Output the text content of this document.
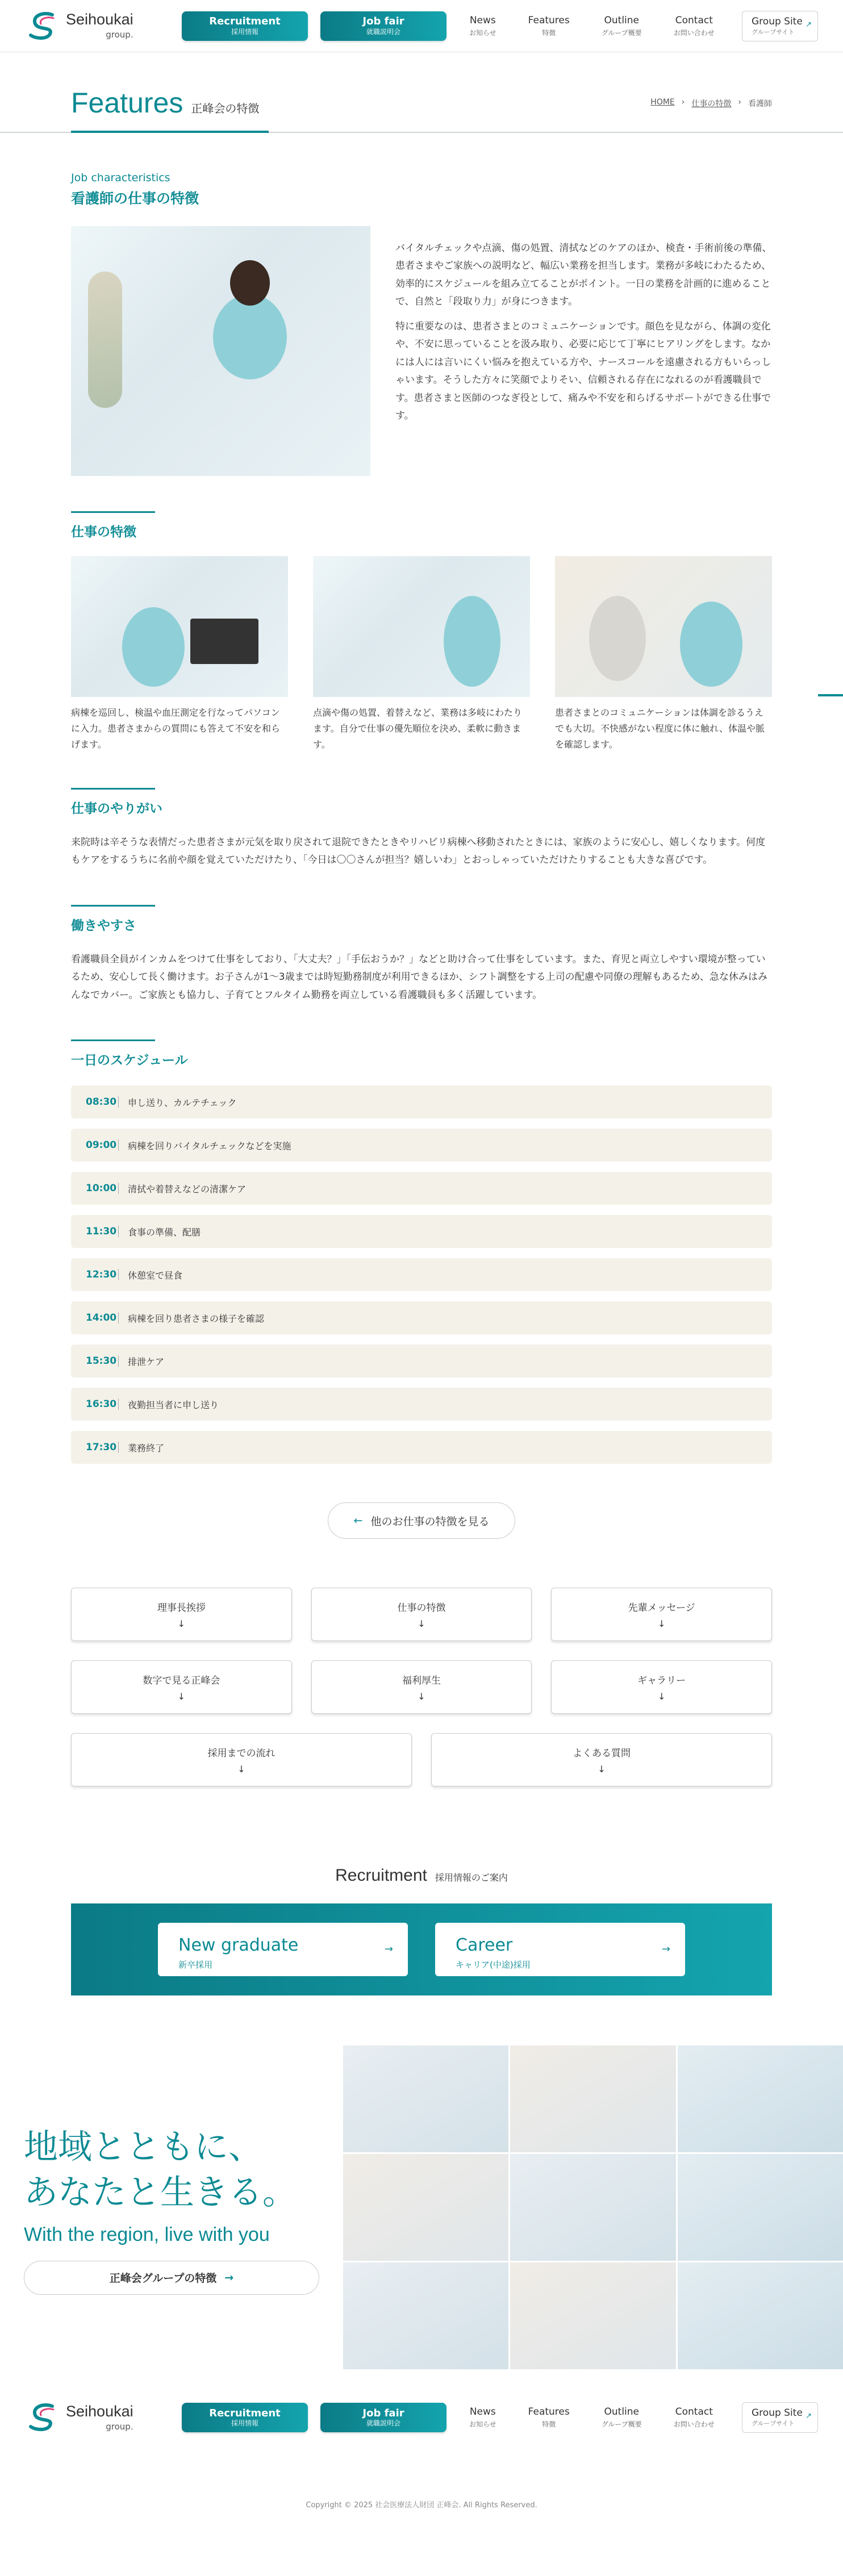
Seihoukai
group.
Recruitment
採用情報
Job fair
就職説明会
News
お知らせ
Features
特徴
Outline
グループ概要
Contact
お問い合わせ
Group Site
グループサイト
↗
Features 正峰会の特徴	HOME › 仕事の特徴 › 看護師
Job characteristics
看護師の仕事の特徴

バイタルチェックや点滴、傷の処置、清拭などのケアのほか、検査・手術前後の準備、患者さまやご家族への説明など、幅広い業務を担当します。業務が多岐にわたるため、効率的にスケジュールを組み立てることがポイント。一日の業務を計画的に進めることで、自然と「段取り力」が身につきます。

特に重要なのは、患者さまとのコミュニケーションです。顔色を見ながら、体調の変化や、不安に思っていることを汲み取り、必要に応じて丁寧にヒアリングをします。なかには人には言いにくい悩みを抱えている方や、ナースコールを遠慮される方もいらっしゃいます。そうした方々に笑顔でよりそい、信頼される存在になれるのが看護職員です。患者さまと医師のつなぎ役として、痛みや不安を和らげるサポートができる仕事です。

仕事の特徴

病棟を巡回し、検温や血圧測定を行なってパソコンに入力。患者さまからの質問にも答えて不安を和らげます。

点滴や傷の処置、着替えなど、業務は多岐にわたります。自分で仕事の優先順位を決め、柔軟に動きます。

患者さまとのコミュニケーションは体調を診るうえでも大切。不快感がない程度に体に触れ、体温や脈を確認します。

仕事のやりがい

来院時は辛そうな表情だった患者さまが元気を取り戻されて退院できたときやリハビリ病棟へ移動されたときには、家族のように安心し、嬉しくなります。何度もケアをするうちに名前や顔を覚えていただけたり、「今日は〇〇さんが担当？嬉しいわ」とおっしゃっていただけたりすることも大きな喜びです。

働きやすさ

看護職員全員がインカムをつけて仕事をしており、「大丈夫？」「手伝おうか？」などと助け合って仕事をしています。また、育児と両立しやすい環境が整っているため、安心して長く働けます。お子さんが1〜3歳までは時短勤務制度が利用できるほか、シフト調整をする上司の配慮や同僚の理解もあるため、急な休みはみんなでカバー。ご家族とも協力し、子育てとフルタイム勤務を両立している看護職員も多く活躍しています。

一日のスケジュール
08:30 申し送り、カルテチェック
09:00 病棟を回りバイタルチェックなどを実施
10:00 清拭や着替えなどの清潔ケア
11:30 食事の準備、配膳
12:30 休憩室で昼食
14:00 病棟を回り患者さまの様子を確認
15:30 排泄ケア
16:30 夜勤担当者に申し送り
17:30 業務終了
← 他のお仕事の特徴を見る
理事長挨拶
↓
仕事の特徴
↓
先輩メッセージ
↓
数字で見る正峰会
↓
福利厚生
↓
ギャラリー
↓
採用までの流れ
↓
よくある質問
↓
Recruitment 採用情報のご案内
New graduate
新卒採用
→	Career
キャリア(中途)採用
→
地域とともに、
あなたと生きる。
With the region, live with you
正峰会グループの特徴 →
Seihoukai
group.
Recruitment
採用情報
Job fair
就職説明会
News
お知らせ
Features
特徴
Outline
グループ概要
Contact
お問い合わせ
Group Site
グループサイト
↗
Copyright © 2025 社会医療法人財団 正峰会. All Rights Reserved.
